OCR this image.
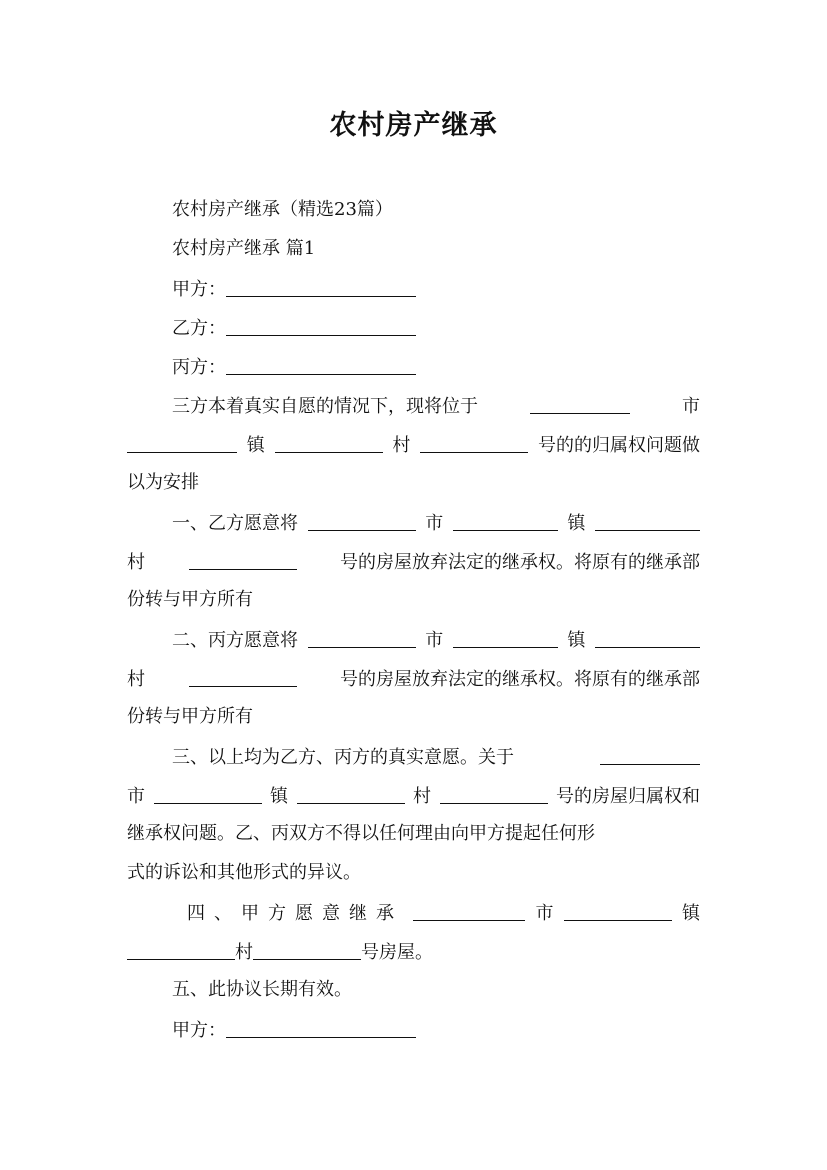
农村房产继承
农村房产继承（精选23篇）
农村房产继承 篇1
甲方：
乙方：
丙方：
三方本着真实自愿的情况下，现将位于	市
镇	村	号的的归属权问题做
以为安排
一、乙方愿意将	市	镇
村	号的房屋放弃法定的继承权。将原有的继承部
份转与甲方所有
二、丙方愿意将	市	镇
村	号的房屋放弃法定的继承权。将原有的继承部
份转与甲方所有
三、以上均为乙方、丙方的真实意愿。关于
市	镇	村	号的房屋归属权和
继承权问题。乙、丙双方不得以任何理由向甲方提起任何形
式的诉讼和其他形式的异议。
四、甲方愿意继承	市	镇
村	号房屋。
五、此协议长期有效。
甲方：
